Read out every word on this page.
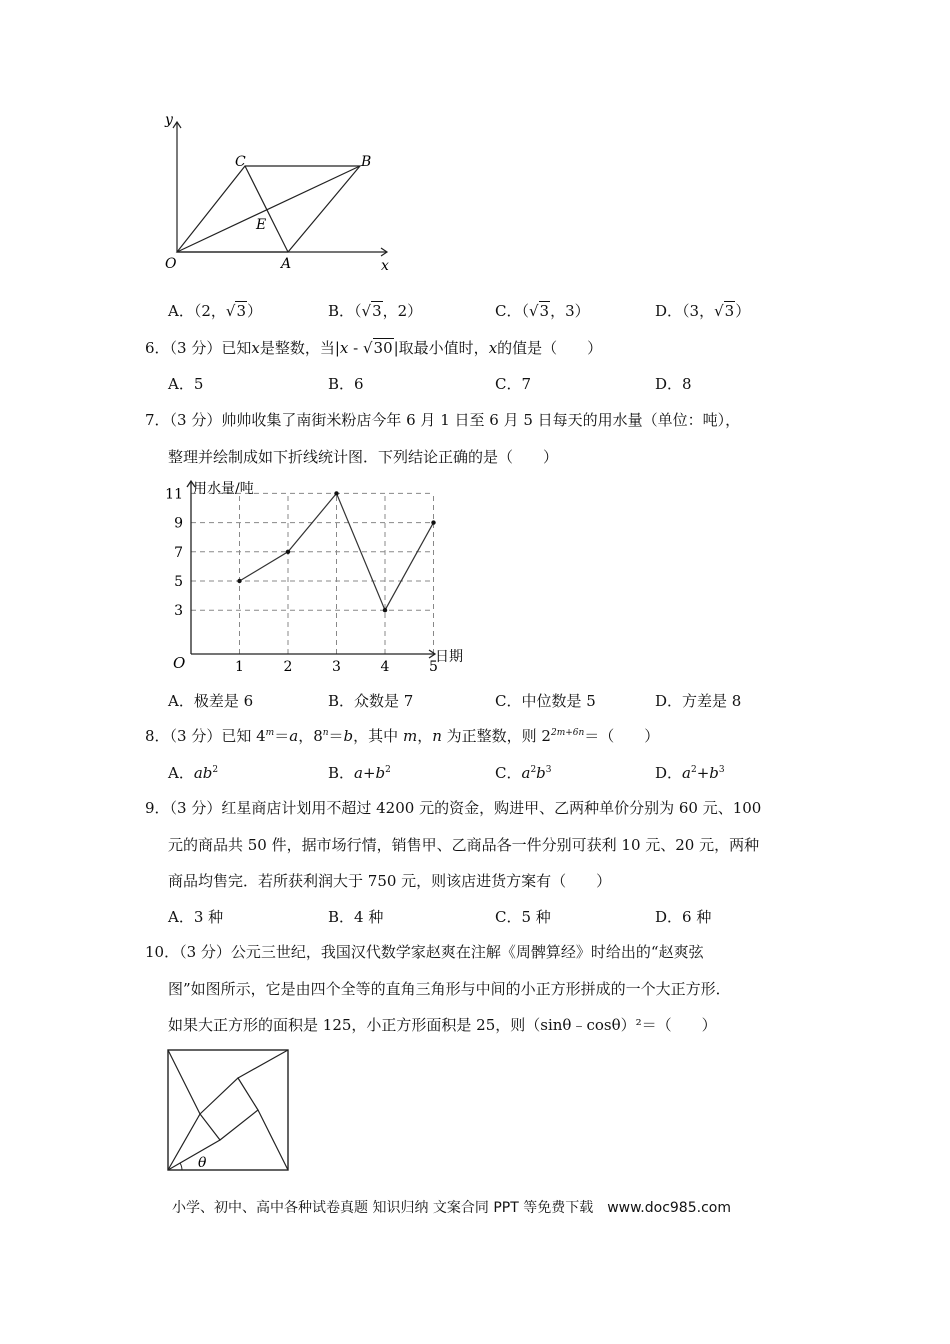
y
x
O	A
B
C
E
A．（2，√3）	B．（√3，2）	C．（√3，3）	D．（3，√3）
6．（3 分）已知x是整数，当|x - √30|取最小值时，x的值是（　　）
A．5	B．6	C．7	D．8
7．（3 分）帅帅收集了南街米粉店今年 6 月 1 日至 6 月 5 日每天的用水量（单位：吨），
整理并绘制成如下折线统计图．下列结论正确的是（　　）
用水量/吨
日期
O
3
5
7
9
11
1	2	3	4	5
A．极差是 6	B．众数是 7	C．中位数是 5	D．方差是 8
8．（3 分）已知 $4^m=a$，$8^n=b$，其中 m，n 为正整数，则 $2^{2m+6n}=$（　　）
A．$ab^2$	B．$a+b^2$	C．$a^2b^3$	D．$a^2+b^3$
9．（3 分）红星商店计划用不超过 4200 元的资金，购进甲、乙两种单价分别为 60 元、100
元的商品共 50 件，据市场行情，销售甲、乙商品各一件分别可获利 10 元、20 元，两种
商品均售完．若所获利润大于 750 元，则该店进货方案有（　　）
A．3 种	B．4 种	C．5 种	D．6 种
10．（3 分）公元三世纪，我国汉代数学家赵爽在注解《周髀算经》时给出的“赵爽弦
图”如图所示，它是由四个全等的直角三角形与中间的小正方形拼成的一个大正方形．
如果大正方形的面积是 125，小正方形面积是 25，则（sinθ﹣cosθ）²＝（　　）
θ
小学、初中、高中各种试卷真题 知识归纳 文案合同 PPT 等免费下载　www.doc985.com
